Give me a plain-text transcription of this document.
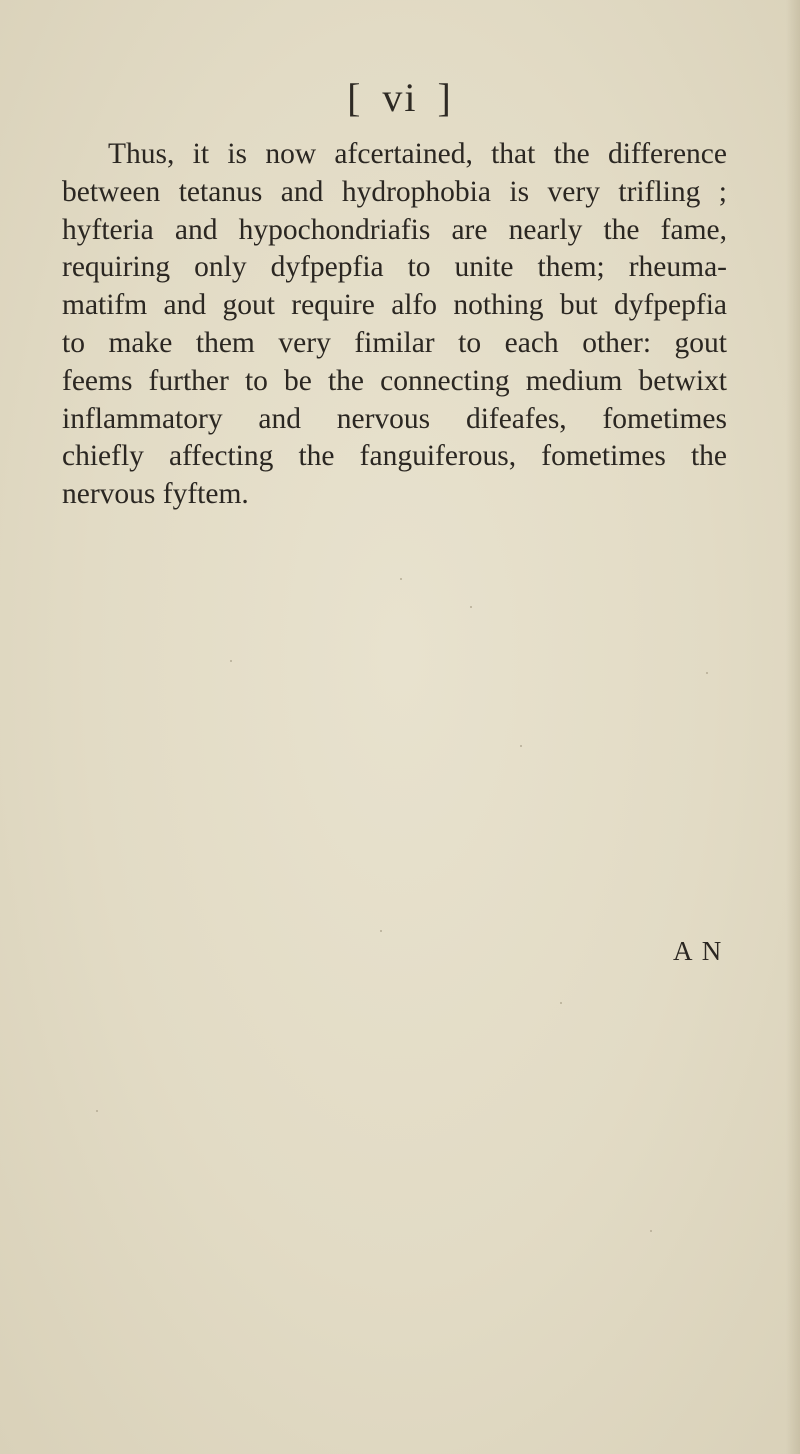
[ vi ]
Thus, it is now afcertained, that the difference
between tetanus and hydrophobia is very trifling ;
hyfteria and hypochondriafis are nearly the fame,
requiring only dyfpepfia to unite them; rheuma-
matifm and gout require alfo nothing but dyfpepfia
to make them very fimilar to each other: gout
feems further to be the connecting medium betwixt
inflammatory and nervous difeafes, fometimes
chiefly affecting the fanguiferous, fometimes the
nervous fyftem.
A N
